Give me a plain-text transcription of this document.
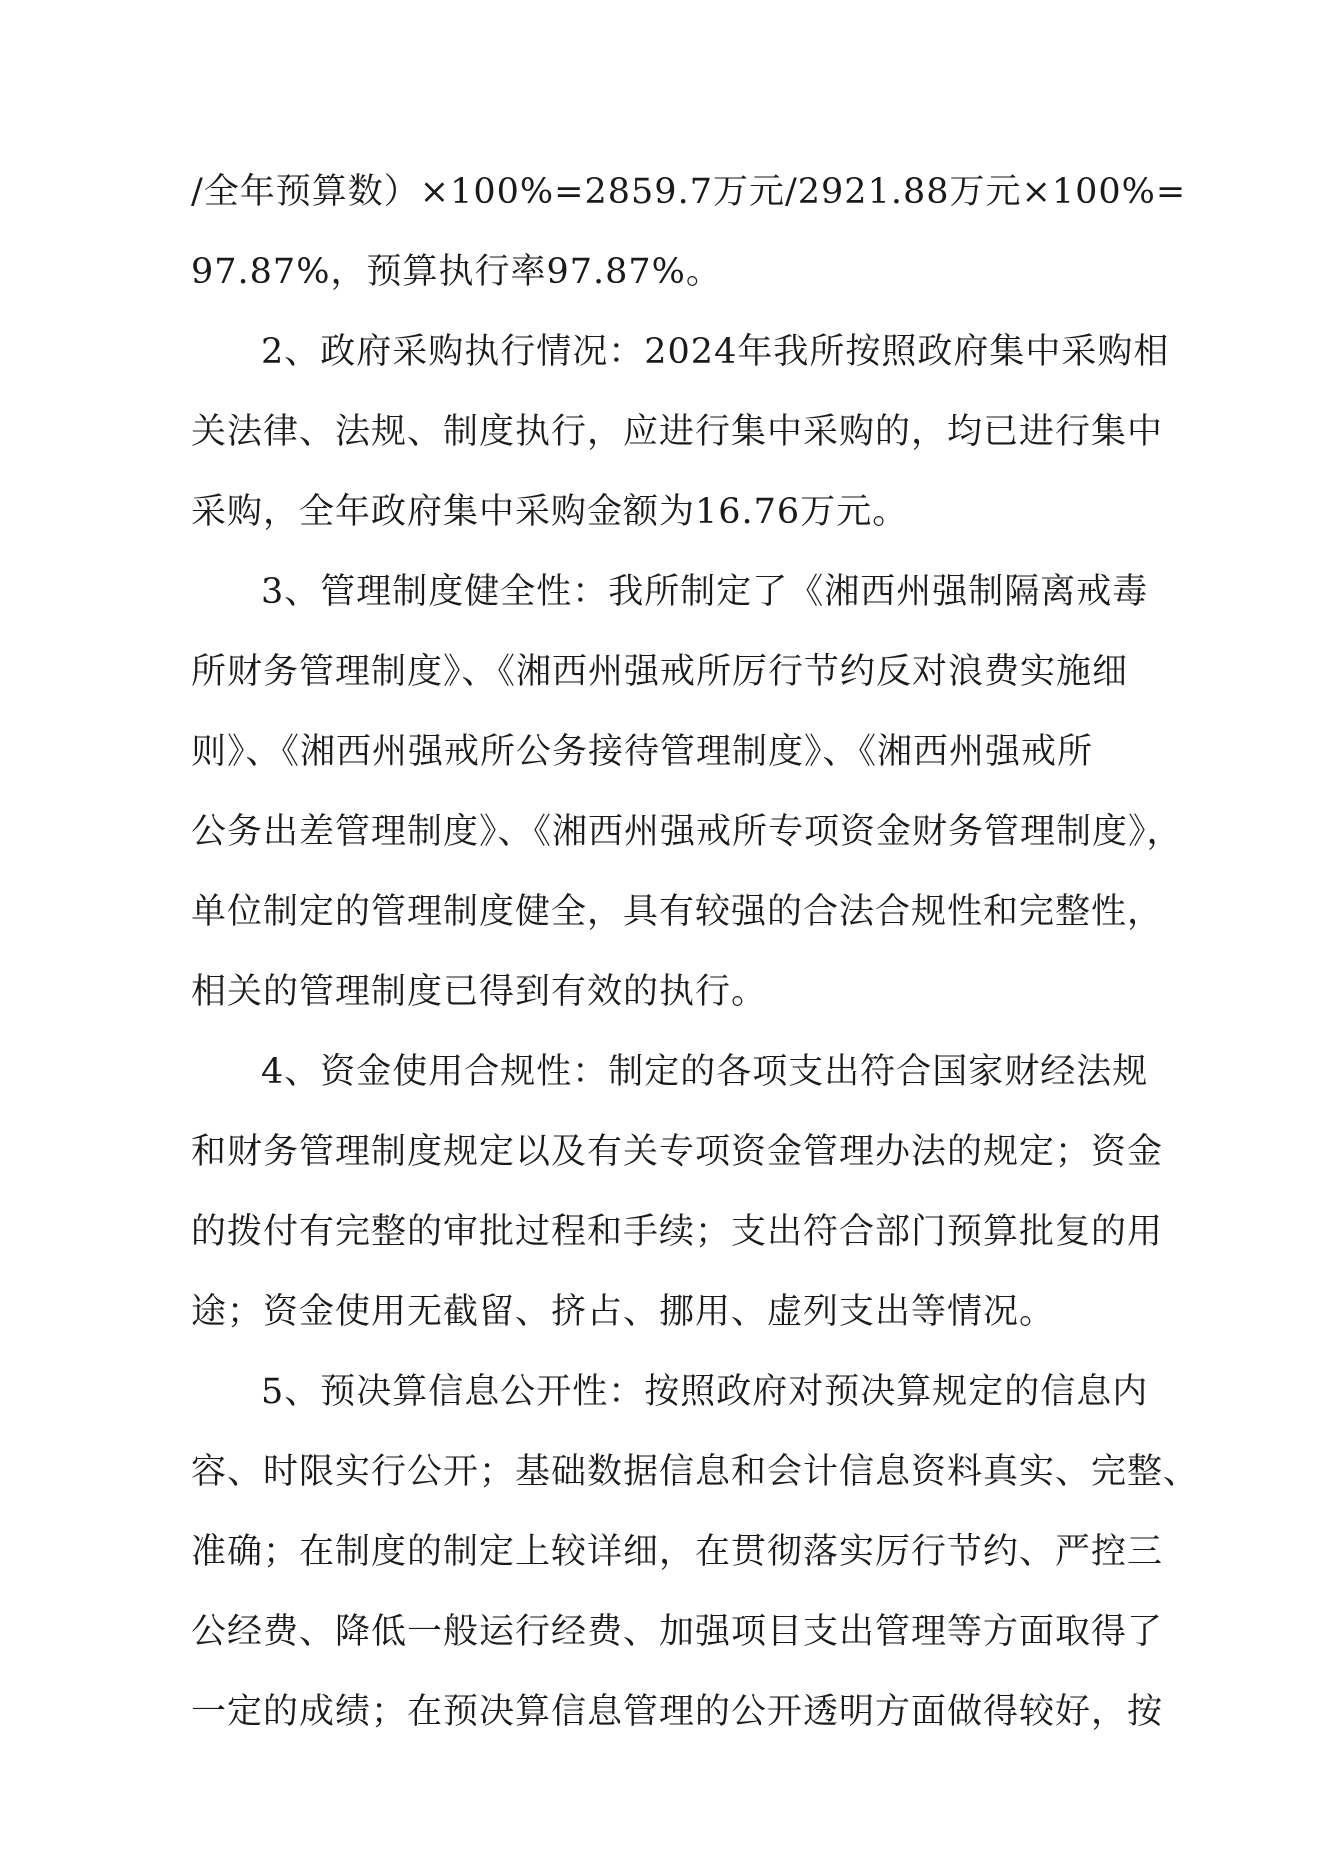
/全年预算数）×100%=2859.7万元/2921.88万元×100%=
97.87%，预算执行率97.87%。

2、政府采购执行情况：2024年我所按照政府集中采购相
关法律、法规、制度执行，应进行集中采购的，均已进行集中
采购，全年政府集中采购金额为16.76万元。

3、管理制度健全性：我所制定了《湘西州强制隔离戒毒
所财务管理制度》、《湘西州强戒所厉行节约反对浪费实施细
则》、《湘西州强戒所公务接待管理制度》、《湘西州强戒所
公务出差管理制度》、《湘西州强戒所专项资金财务管理制度》，
单位制定的管理制度健全，具有较强的合法合规性和完整性，
相关的管理制度已得到有效的执行。

4、资金使用合规性：制定的各项支出符合国家财经法规
和财务管理制度规定以及有关专项资金管理办法的规定；资金
的拨付有完整的审批过程和手续；支出符合部门预算批复的用
途；资金使用无截留、挤占、挪用、虚列支出等情况。

5、预决算信息公开性：按照政府对预决算规定的信息内
容、时限实行公开；基础数据信息和会计信息资料真实、完整、
准确；在制度的制定上较详细，在贯彻落实厉行节约、严控三
公经费、降低一般运行经费、加强项目支出管理等方面取得了
一定的成绩；在预决算信息管理的公开透明方面做得较好，按
